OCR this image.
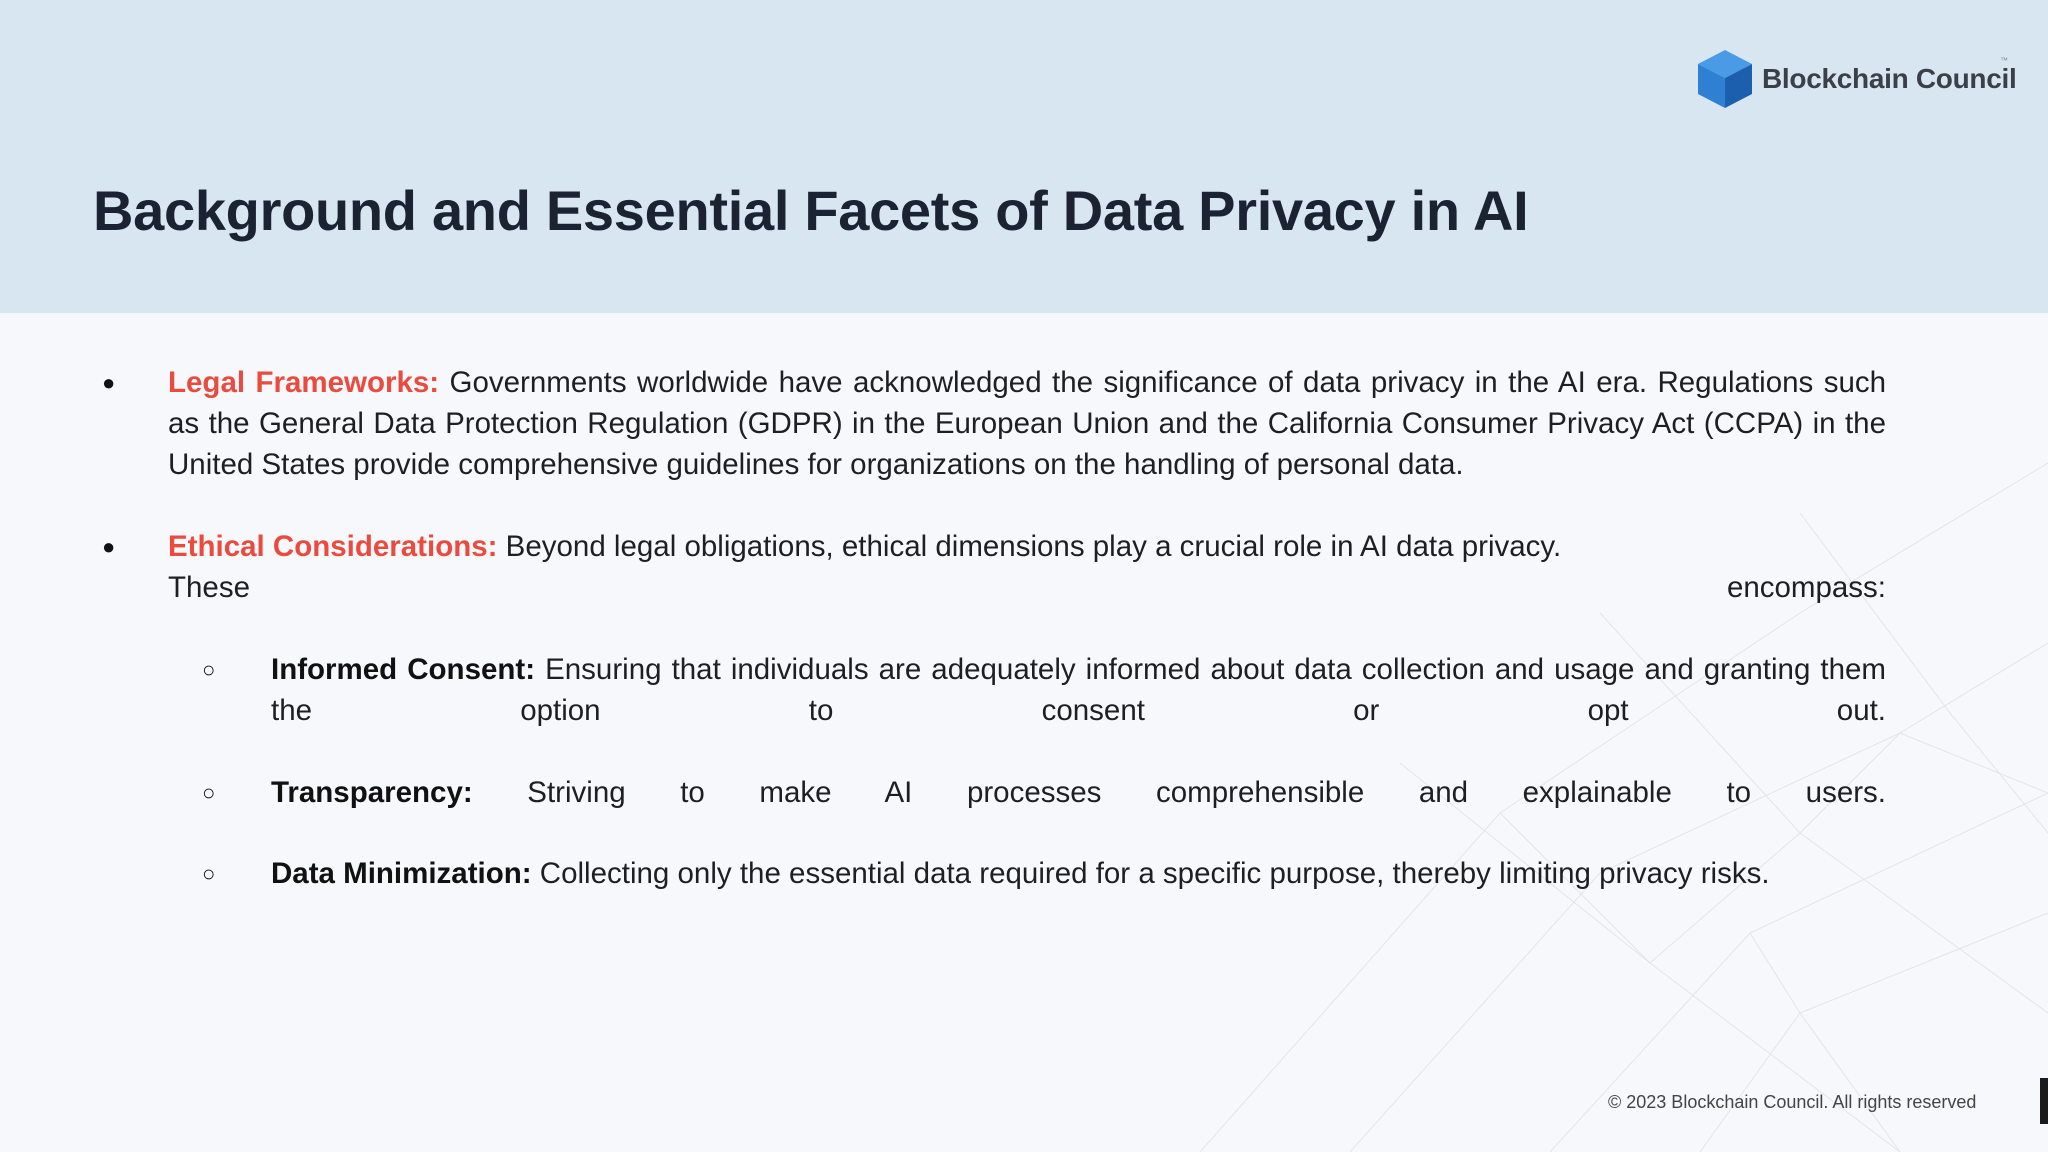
Blockchain Council
™
Background and Essential Facets of Data Privacy in AI
● Legal Frameworks: Governments worldwide have acknowledged the significance of data privacy in the AI era. Regulations such as the General Data Protection Regulation (GDPR) in the European Union and the California Consumer Privacy Act (CCPA) in the United States provide comprehensive guidelines for organizations on the handling of personal data.
● Ethical Considerations: Beyond legal obligations, ethical dimensions play a crucial role in AI data privacy.
These	encompass:
○ Informed Consent: Ensuring that individuals are adequately informed about data collection and usage and granting them the option to consent or opt out.
○ Transparency: Striving to make AI processes comprehensible and explainable to users.
○ Data Minimization: Collecting only the essential data required for a specific purpose, thereby limiting privacy risks.
© 2023 Blockchain Council. All rights reserved
